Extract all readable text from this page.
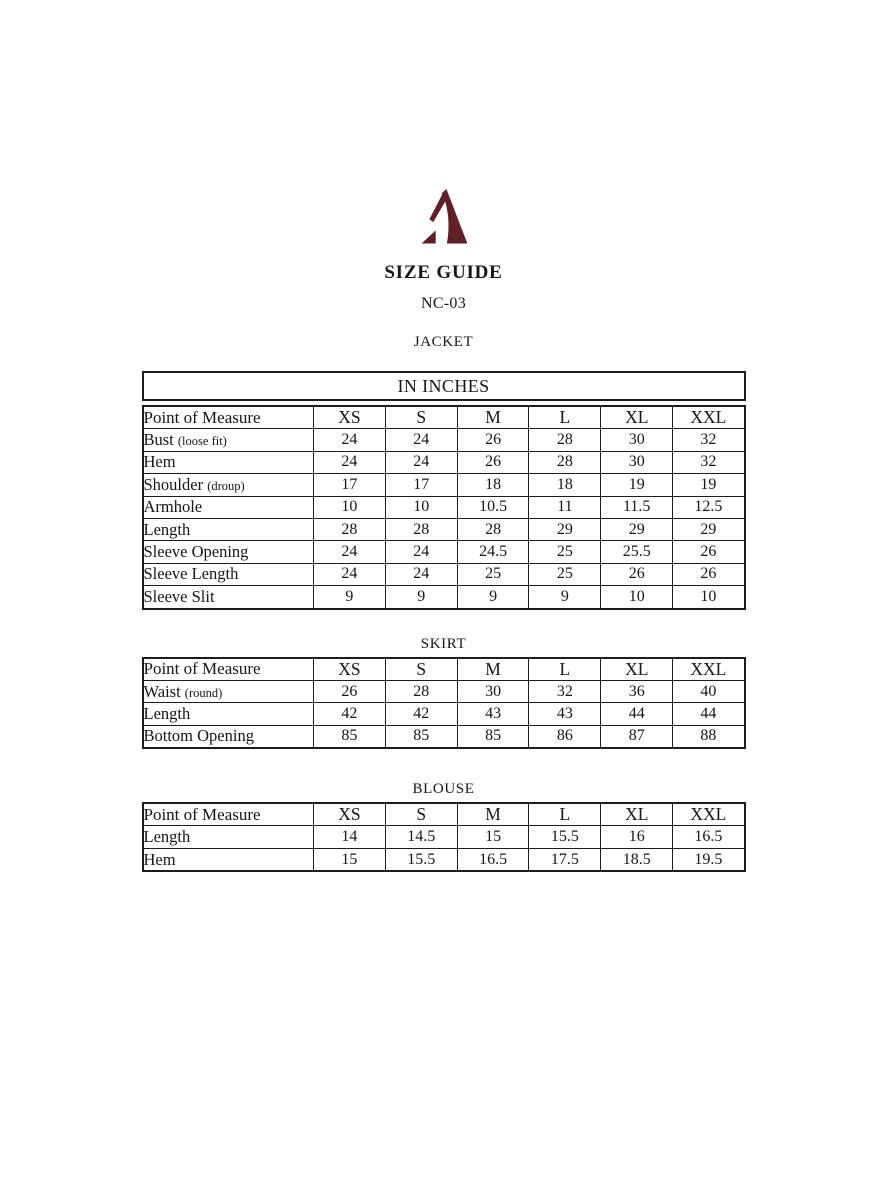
SIZE GUIDE
NC-03
JACKET
IN INCHES
Point of Measure	XS	S	M	L	XL	XXL
Bust (loose fit)	24	24	26	28	30	32
Hem	24	24	26	28	30	32
Shoulder (droup)	17	17	18	18	19	19
Armhole	10	10	10.5	11	11.5	12.5
Length	28	28	28	29	29	29
Sleeve Opening	24	24	24.5	25	25.5	26
Sleeve Length	24	24	25	25	26	26
Sleeve Slit	9	9	9	9	10	10
SKIRT
Point of Measure	XS	S	M	L	XL	XXL
Waist (round)	26	28	30	32	36	40
Length	42	42	43	43	44	44
Bottom Opening	85	85	85	86	87	88
BLOUSE
Point of Measure	XS	S	M	L	XL	XXL
Length	14	14.5	15	15.5	16	16.5
Hem	15	15.5	16.5	17.5	18.5	19.5
